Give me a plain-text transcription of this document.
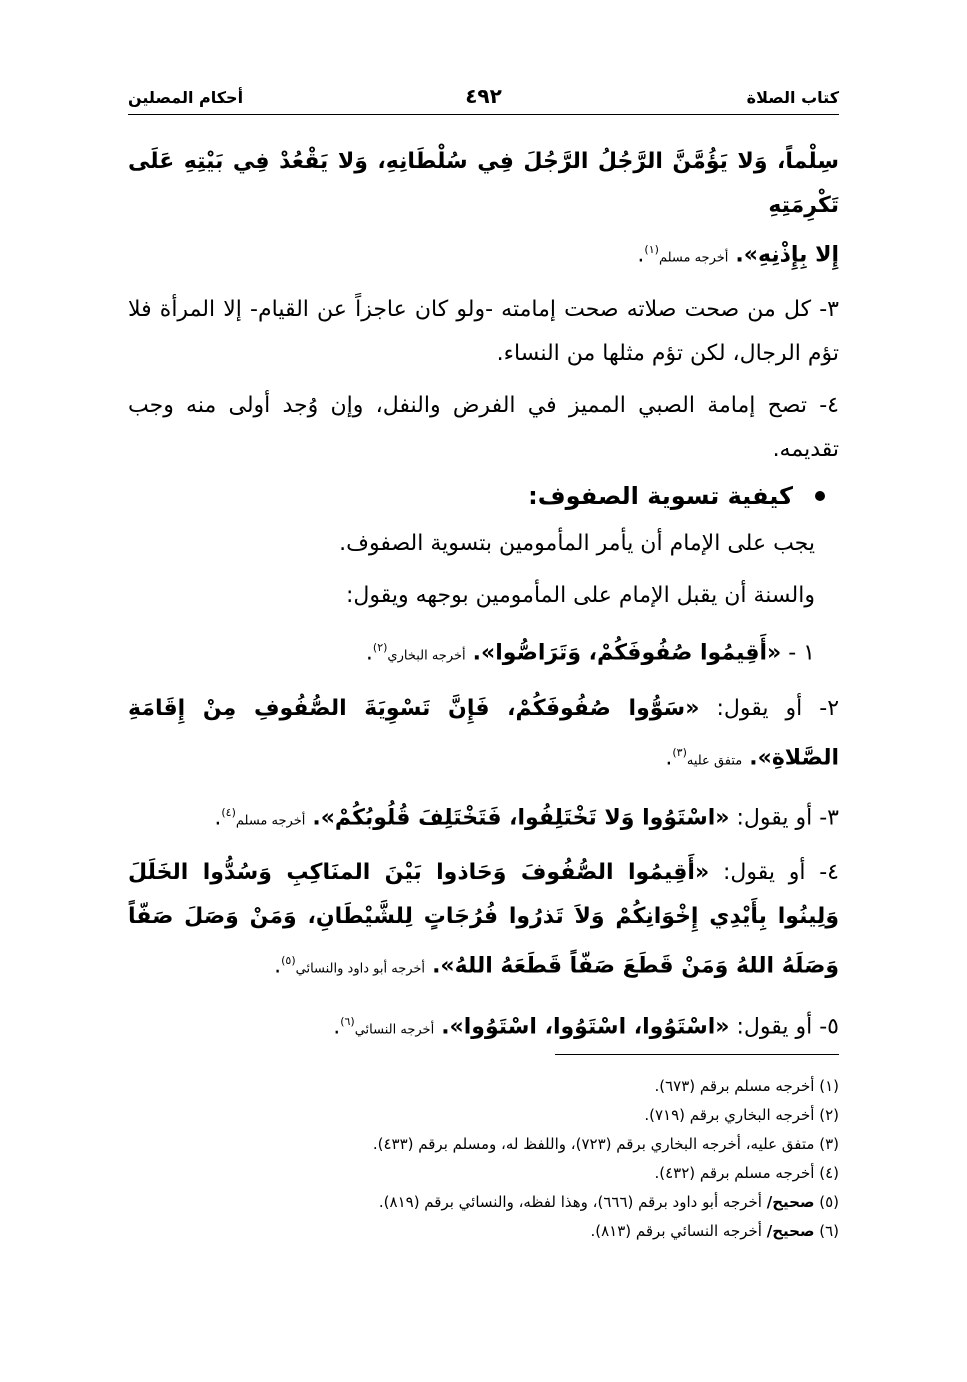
كتاب الصلاة
٤٩٢
أحكام المصلين

سِلْماً، وَلا يَؤُمَّنَّ الرَّجُلُ الرَّجُلَ فِي سُلْطَانِهِ، وَلا يَقْعُدْ فِي بَيْتِهِ عَلَى تَكْرِمَتِهِ

إِلا بِإِذْنِهِ». أخرجه مسلم$^{(١)}$.

٣- كل من صحت صلاته صحت إمامته -ولو كان عاجزاً عن القيام- إلا المرأة فلا تؤم الرجال، لكن تؤم مثلها من النساء.

٤- تصح إمامة الصبي المميز في الفرض والنفل، وإن وُجد أولى منه وجب تقديمه.

كيفية تسوية الصفوف:

يجب على الإمام أن يأمر المأمومين بتسوية الصفوف.

والسنة أن يقبل الإمام على المأمومين بوجهه ويقول:

١ - «أَقِيمُوا صُفُوفَكُمْ، وَتَرَاصُّوا». أخرجه البخاري$^{(٢)}$.

٢- أو يقول: «سَوُّوا صُفُوفَكُمْ، فَإِنَّ تَسْوِيَةَ الصُّفُوفِ مِنْ إِقَامَةِ الصَّلاةِ». متفق عليه$^{(٣)}$.

٣- أو يقول: «اسْتَوُوا وَلا تَخْتَلِفُوا، فَتَخْتَلِفَ قُلُوبُكُمْ». أخرجه مسلم$^{(٤)}$.

٤- أو يقول: «أَقِيمُوا الصُّفُوفَ وَحَاذوا بَيْنَ المنَاكِبِ وَسُدُّوا الخَلَلَ وَلِينُوا بِأَيْدِي إِخْوَانِكُمْ وَلاَ تَذرُوا فُرُجَاتٍ لِلشَّيْطَانِ، وَمَنْ وَصَلَ صَفّاً وَصَلَهُ اللهُ وَمَنْ قَطَعَ صَفّاً قَطَعَهُ اللهُ». أخرجه أبو داود والنسائي$^{(٥)}$.

٥- أو يقول: «اسْتَوُوا، اسْتَوُوا، اسْتَوُوا». أخرجه النسائي$^{(٦)}$.

(١) أخرجه مسلم برقم (٦٧٣).

(٢) أخرجه البخاري برقم (٧١٩).

(٣) متفق عليه، أخرجه البخاري برقم (٧٢٣)، واللفظ له، ومسلم برقم (٤٣٣).

(٤) أخرجه مسلم برقم (٤٣٢).

(٥) صحيح/ أخرجه أبو داود برقم (٦٦٦)، وهذا لفظه، والنسائي برقم (٨١٩).

(٦) صحيح/ أخرجه النسائي برقم (٨١٣).
